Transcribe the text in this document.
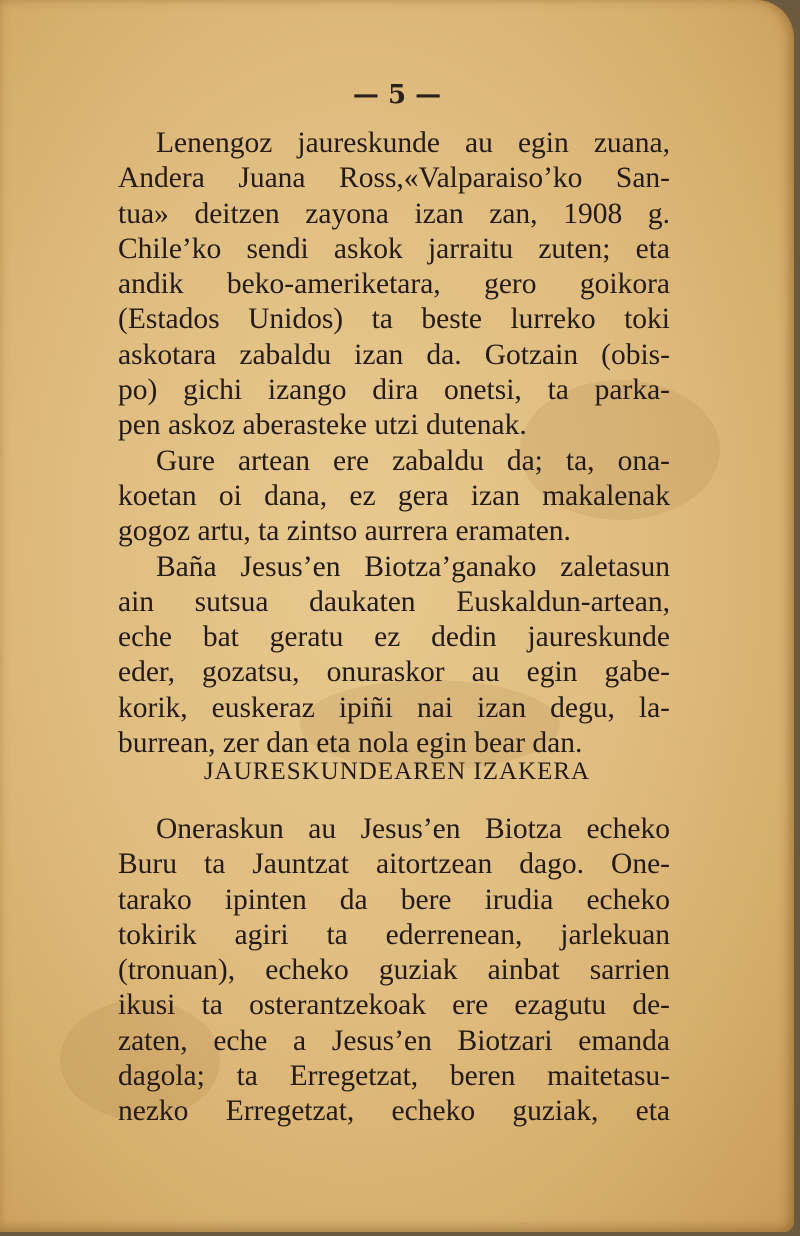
— 5 —
Lenengoz jaureskunde au egin zuana,
Andera Juana Ross,«Valparaiso’ko San-
tua» deitzen zayona izan zan, 1908 g.
Chile’ko sendi askok jarraitu zuten; eta
andik beko-ameriketara, gero goikora
(Estados Unidos) ta beste lurreko toki
askotara zabaldu izan da. Gotzain (obis-
po) gichi izango dira onetsi, ta parka-
pen askoz aberasteke utzi dutenak.
Gure artean ere zabaldu da; ta, ona-
koetan oi dana, ez gera izan makalenak
gogoz artu, ta zintso aurrera eramaten.
Baña Jesus’en Biotza’ganako zaletasun
ain sutsua daukaten Euskaldun-artean,
eche bat geratu ez dedin jaureskunde
eder, gozatsu, onuraskor au egin gabe-
korik, euskeraz ipiñi nai izan degu, la-
burrean, zer dan eta nola egin bear dan.
JAURESKUNDEAREN IZAKERA
Oneraskun au Jesus’en Biotza echeko
Buru ta Jauntzat aitortzean dago. One-
tarako ipinten da bere irudia echeko
tokirik agiri ta ederrenean, jarlekuan
(tronuan), echeko guziak ainbat sarrien
ikusi ta osterantzekoak ere ezagutu de-
zaten, eche a Jesus’en Biotzari emanda
dagola; ta Erregetzat, beren maitetasu-
nezko Erregetzat, echeko guziak, eta
